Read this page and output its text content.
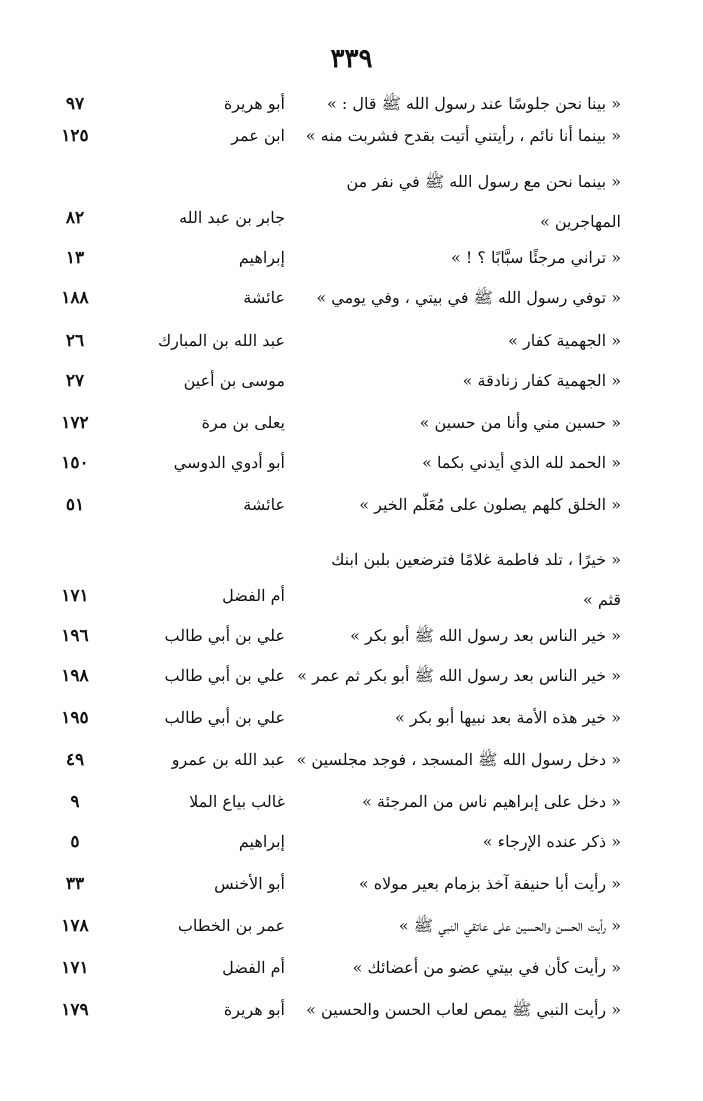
٣٣٩
« بينا نحن جلوسًا عند رسول الله ﷺ قال : »
أبو هريرة
٩٧
« بينما أنا نائم ، رأيتني أتيت بقدح فشربت منه »
ابن عمر
١٢٥
« بينما نحن مع رسول الله ﷺ في نفر من المهاجرين »
جابر بن عبد الله
٨٢
« تراني مرجئًا سبَّابًا ؟ ! »
إبراهيم
١٣
« توفي رسول الله ﷺ في بيتي ، وفي يومي »
عائشة
١٨٨
« الجهمية كفار »
عبد الله بن المبارك
٢٦
« الجهمية كفار زنادقة »
موسى بن أعين
٢٧
« حسين مني وأنا من حسين »
يعلى بن مرة
١٧٢
« الحمد لله الذي أيدني بكما »
أبو أدوي الدوسي
١٥٠
« الخلق كلهم يصلون على مُعَلّم الخير »
عائشة
٥١
« خيرًا ، تلد فاطمة غلامًا فترضعين بلبن ابنك قثم »
أم الفضل
١٧١
« خير الناس بعد رسول الله ﷺ أبو بكر »
علي بن أبي طالب
١٩٦
« خير الناس بعد رسول الله ﷺ أبو بكر ثم عمر »
علي بن أبي طالب
١٩٨
« خير هذه الأمة بعد نبيها أبو بكر »
علي بن أبي طالب
١٩٥
« دخل رسول الله ﷺ المسجد ، فوجد مجلسين »
عبد الله بن عمرو
٤٩
« دخل على إبراهيم ناس من المرجئة »
غالب بياع الملا
٩
« ذكر عنده الإرجاء »
إبراهيم
٥
« رأيت أبا حنيفة آخذ بزمام بعير مولاه »
أبو الأخنس
٣٣
« رأيت الحسن والحسين على عاتقي النبي ﷺ »
عمر بن الخطاب
١٧٨
« رأيت كأن في بيتي عضو من أعضائك »
أم الفضل
١٧١
« رأيت النبي ﷺ يمص لعاب الحسن والحسين »
أبو هريرة
١٧٩
